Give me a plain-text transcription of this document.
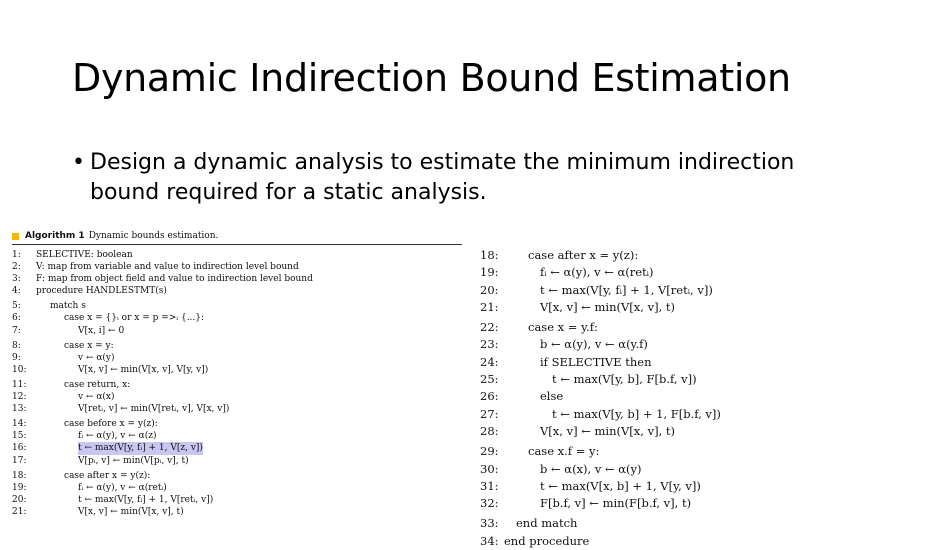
Dynamic Indirection Bound Estimation
• Design a dynamic analysis to estimate the minimum indirection bound required for a static analysis.
Algorithm 1 Dynamic bounds estimation.
1:	SELECTIVE: boolean
2:	V: map from variable and value to indirection level bound
3:	F: map from object field and value to indirection level bound
4:	procedure HANDLESTMT(s)
5:	match s
6:	case x = {}ᵢ or x = p =>ᵢ {...}:
7:	V[x, i] ← 0
8:	case x = y:
9:	v ← α(y)
10:	V[x, v] ← min(V[x, v], V[y, v])
11:	case return, x:
12:	v ← α(x)
13:	V[retᵢ, v] ← min(V[retᵢ, v], V[x, v])
14:	case before x = y(z):
15:	fᵢ ← α(y), v ← α(z)
16:	t ← max(V[y, fᵢ] + 1, V[z, v])
17:	V[pᵢ, v] ← min(V[pᵢ, v], t)
18:	case after x = y(z):
19:	fᵢ ← α(y), v ← α(retᵢ)
20:	t ← max(V[y, fᵢ] + 1, V[retᵢ, v])
21:	V[x, v] ← min(V[x, v], t)
18:	case after x = y(z):
19:	fᵢ ← α(y), v ← α(retᵢ)
20:	t ← max(V[y, fᵢ] + 1, V[retᵢ, v])
21:	V[x, v] ← min(V[x, v], t)
22:	case x = y.f:
23:	b ← α(y), v ← α(y.f)
24:	if SELECTIVE then
25:	t ← max(V[y, b], F[b.f, v])
26:	else
27:	t ← max(V[y, b] + 1, F[b.f, v])
28:	V[x, v] ← min(V[x, v], t)
29:	case x.f = y:
30:	b ← α(x), v ← α(y)
31:	t ← max(V[x, b] + 1, V[y, v])
32:	F[b.f, v] ← min(F[b.f, v], t)
33:	end match
34: end procedure
